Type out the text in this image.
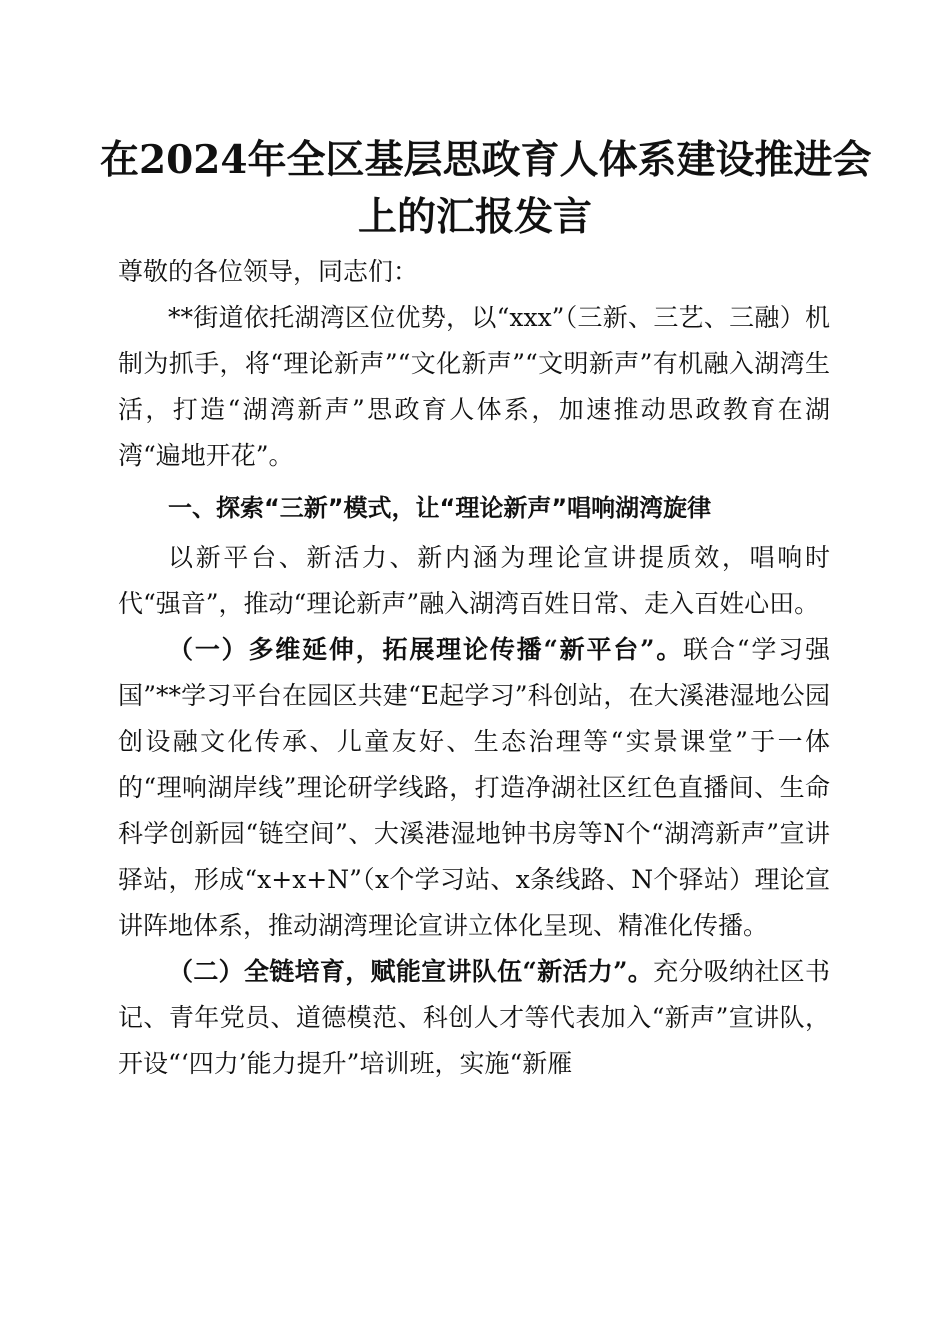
在2024年全区基层思政育人体系建设推进会
上的汇报发言

尊敬的各位领导，同志们：

**街道依托湖湾区位优势，以“xxx”（三新、三艺、三融）机制为抓手，将“理论新声”“文化新声”“文明新声”有机融入湖湾生活，打造“湖湾新声”思政育人体系，加速推动思政教育在湖湾“遍地开花”。

一、探索“三新”模式，让“理论新声”唱响湖湾旋律

以新平台、新活力、新内涵为理论宣讲提质效，唱响时代“强音”，推动“理论新声”融入湖湾百姓日常、走入百姓心田。

（一）多维延伸，拓展理论传播“新平台”。联合“学习强国”**学习平台在园区共建“E起学习”科创站，在大溪港湿地公园创设融文化传承、儿童友好、生态治理等“实景课堂”于一体的“理响湖岸线”理论研学线路，打造净湖社区红色直播间、生命科学创新园“链空间”、大溪港湿地钟书房等N个“湖湾新声”宣讲驿站，形成“x+x+N”（x个学习站、x条线路、N个驿站）理论宣讲阵地体系，推动湖湾理论宣讲立体化呈现、精准化传播。

（二）全链培育，赋能宣讲队伍“新活力”。充分吸纳社区书记、青年党员、道德模范、科创人才等代表加入“新声”宣讲队，开设“‘四力’能力提升”培训班，实施“新雁
